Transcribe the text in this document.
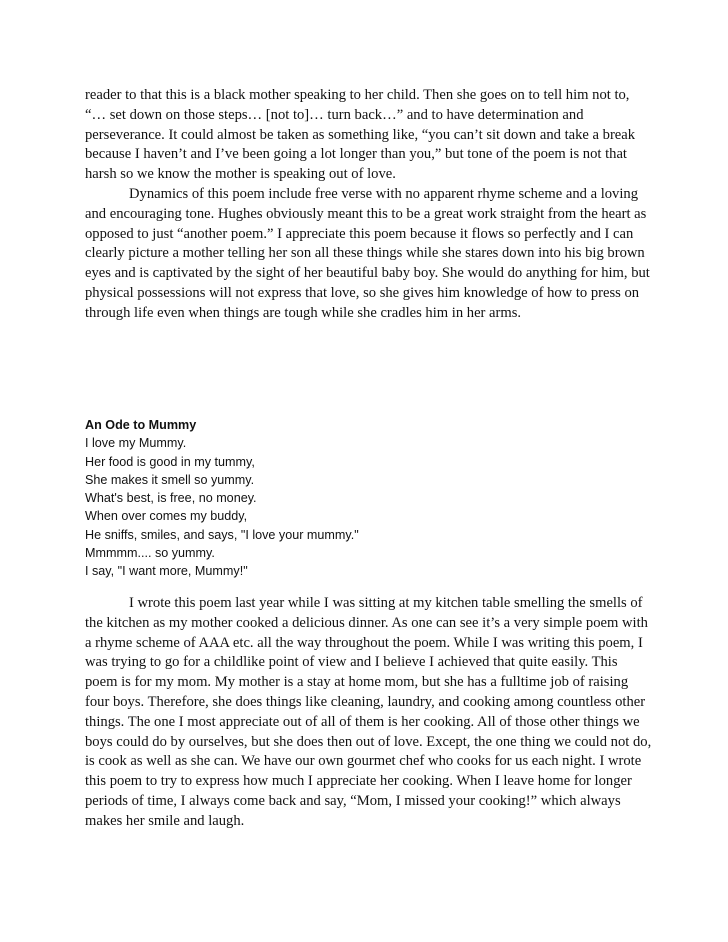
reader to that this is a black mother speaking to her child. Then she goes on to tell him not to,
“… set down on those steps… [not to]… turn back…” and to have determination and
perseverance. It could almost be taken as something like, “you can’t sit down and take a break
because I haven’t and I’ve been going a lot longer than you,” but tone of the poem is not that
harsh so we know the mother is speaking out of love.
Dynamics of this poem include free verse with no apparent rhyme scheme and a loving
and encouraging tone. Hughes obviously meant this to be a great work straight from the heart as
opposed to just “another poem.” I appreciate this poem because it flows so perfectly and I can
clearly picture a mother telling her son all these things while she stares down into his big brown
eyes and is captivated by the sight of her beautiful baby boy. She would do anything for him, but
physical possessions will not express that love, so she gives him knowledge of how to press on
through life even when things are tough while she cradles him in her arms.
An Ode to Mummy
I love my Mummy.
Her food is good in my tummy,
She makes it smell so yummy.
What's best, is free, no money.
When over comes my buddy,
He sniffs, smiles, and says, "I love your mummy."
Mmmmm.... so yummy.
I say, "I want more, Mummy!"
I wrote this poem last year while I was sitting at my kitchen table smelling the smells of
the kitchen as my mother cooked a delicious dinner. As one can see it’s a very simple poem with
a rhyme scheme of AAA etc. all the way throughout the poem. While I was writing this poem, I
was trying to go for a childlike point of view and I believe I achieved that quite easily. This
poem is for my mom. My mother is a stay at home mom, but she has a fulltime job of raising
four boys. Therefore, she does things like cleaning, laundry, and cooking among countless other
things. The one I most appreciate out of all of them is her cooking. All of those other things we
boys could do by ourselves, but she does then out of love. Except, the one thing we could not do,
is cook as well as she can. We have our own gourmet chef who cooks for us each night. I wrote
this poem to try to express how much I appreciate her cooking. When I leave home for longer
periods of time, I always come back and say, “Mom, I missed your cooking!” which always
makes her smile and laugh.
